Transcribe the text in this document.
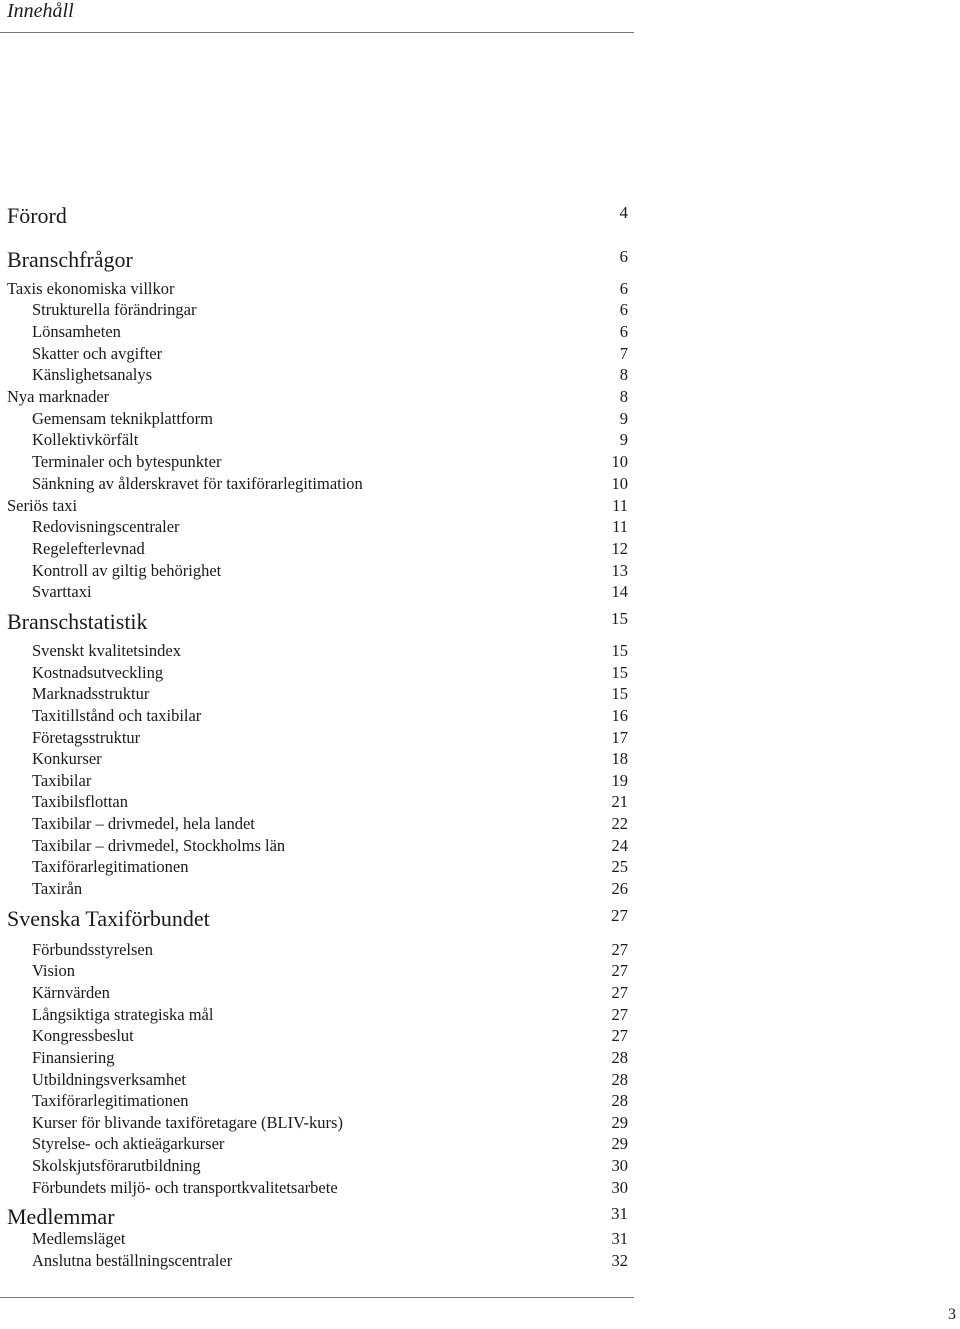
Innehåll
Förord	4
Branschfrågor	6
Taxis ekonomiska villkor	6
Strukturella förändringar	6
Lönsamheten	6
Skatter och avgifter	7
Känslighetsanalys	8
Nya marknader	8
Gemensam teknikplattform	9
Kollektivkörfält	9
Terminaler och bytespunkter	10
Sänkning av ålderskravet för taxiförarlegitimation	10
Seriös taxi	11
Redovisningscentraler	11
Regelefterlevnad	12
Kontroll av giltig behörighet	13
Svarttaxi	14
Branschstatistik	15
Svenskt kvalitetsindex	15
Kostnadsutveckling	15
Marknadsstruktur	15
Taxitillstånd och taxibilar	16
Företagsstruktur	17
Konkurser	18
Taxibilar	19
Taxibilsflottan	21
Taxibilar – drivmedel, hela landet	22
Taxibilar – drivmedel, Stockholms län	24
Taxiförarlegitimationen	25
Taxirån	26
Svenska Taxiförbundet	27
Förbundsstyrelsen	27
Vision	27
Kärnvärden	27
Långsiktiga strategiska mål	27
Kongressbeslut	27
Finansiering	28
Utbildningsverksamhet	28
Taxiförarlegitimationen	28
Kurser för blivande taxiföretagare (BLIV-kurs)	29
Styrelse- och aktieägarkurser	29
Skolskjutsförarutbildning	30
Förbundets miljö- och transportkvalitetsarbete	30
Medlemmar	31
Medlemsläget	31
Anslutna beställningscentraler	32
3
